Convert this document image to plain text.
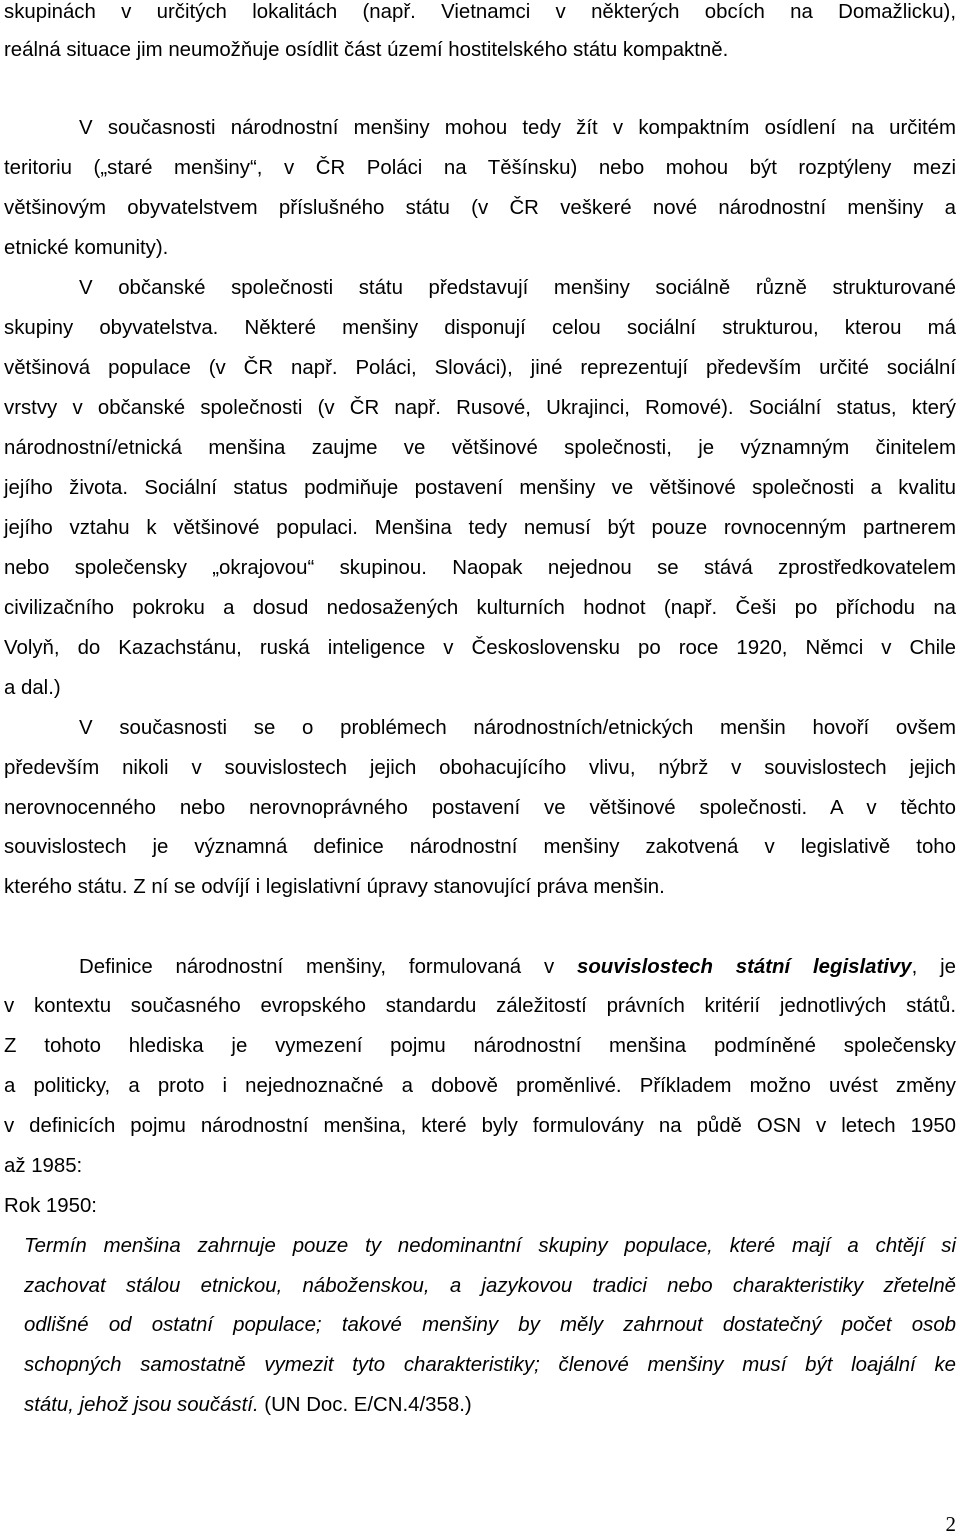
skupinách v určitých lokalitách (např. Vietnamci v některých obcích na Domažlicku),

reálná situace jim neumožňuje osídlit část území hostitelského státu kompaktně.

V současnosti národnostní menšiny mohou tedy žít v kompaktním osídlení na určitém

teritoriu („staré menšiny“, v ČR Poláci na Těšínsku) nebo mohou být rozptýleny mezi

většinovým obyvatelstvem příslušného státu (v ČR veškeré nové národnostní menšiny a

etnické komunity).

V občanské společnosti státu představují menšiny sociálně různě strukturované

skupiny obyvatelstva. Některé menšiny disponují celou sociální strukturou, kterou má

většinová populace (v ČR např. Poláci, Slováci), jiné reprezentují především určité sociální

vrstvy v občanské společnosti (v ČR např. Rusové, Ukrajinci, Romové). Sociální status, který

národnostní/etnická menšina zaujme ve většinové společnosti, je významným činitelem

jejího života. Sociální status podmiňuje postavení menšiny ve většinové společnosti a kvalitu

jejího vztahu k většinové populaci. Menšina tedy nemusí být pouze rovnocenným partnerem

nebo společensky „okrajovou“ skupinou. Naopak nejednou se stává zprostředkovatelem

civilizačního pokroku a dosud nedosažených kulturních hodnot (např. Češi po příchodu na

Volyň, do Kazachstánu, ruská inteligence v Československu po roce 1920, Němci v Chile

a dal.)

V současnosti se o problémech národnostních/etnických menšin hovoří ovšem

především nikoli v souvislostech jejich obohacujícího vlivu, nýbrž v souvislostech jejich

nerovnocenného nebo nerovnoprávného postavení ve většinové společnosti. A v těchto

souvislostech je významná definice národnostní menšiny zakotvená v legislativě toho

kterého státu. Z ní se odvíjí i legislativní úpravy stanovující práva menšin.

Definice národnostní menšiny, formulovaná v souvislostech státní legislativy, je

v kontextu současného evropského standardu záležitostí právních kritérií jednotlivých států.

Z tohoto hlediska je vymezení pojmu národnostní menšina podmíněné společensky

a politicky, a proto i nejednoznačné a dobově proměnlivé. Příkladem možno uvést změny

v definicích pojmu národnostní menšina, které byly formulovány na půdě OSN v letech 1950

až 1985:

Rok 1950:

Termín menšina zahrnuje pouze ty nedominantní skupiny populace, které mají a chtějí si

zachovat stálou etnickou, náboženskou, a jazykovou tradici nebo charakteristiky zřetelně

odlišné od ostatní populace; takové menšiny by měly zahrnout dostatečný počet osob

schopných samostatně vymezit tyto charakteristiky; členové menšiny musí být loajální ke

státu, jehož jsou součástí. (UN Doc. E/CN.4/358.)

2
